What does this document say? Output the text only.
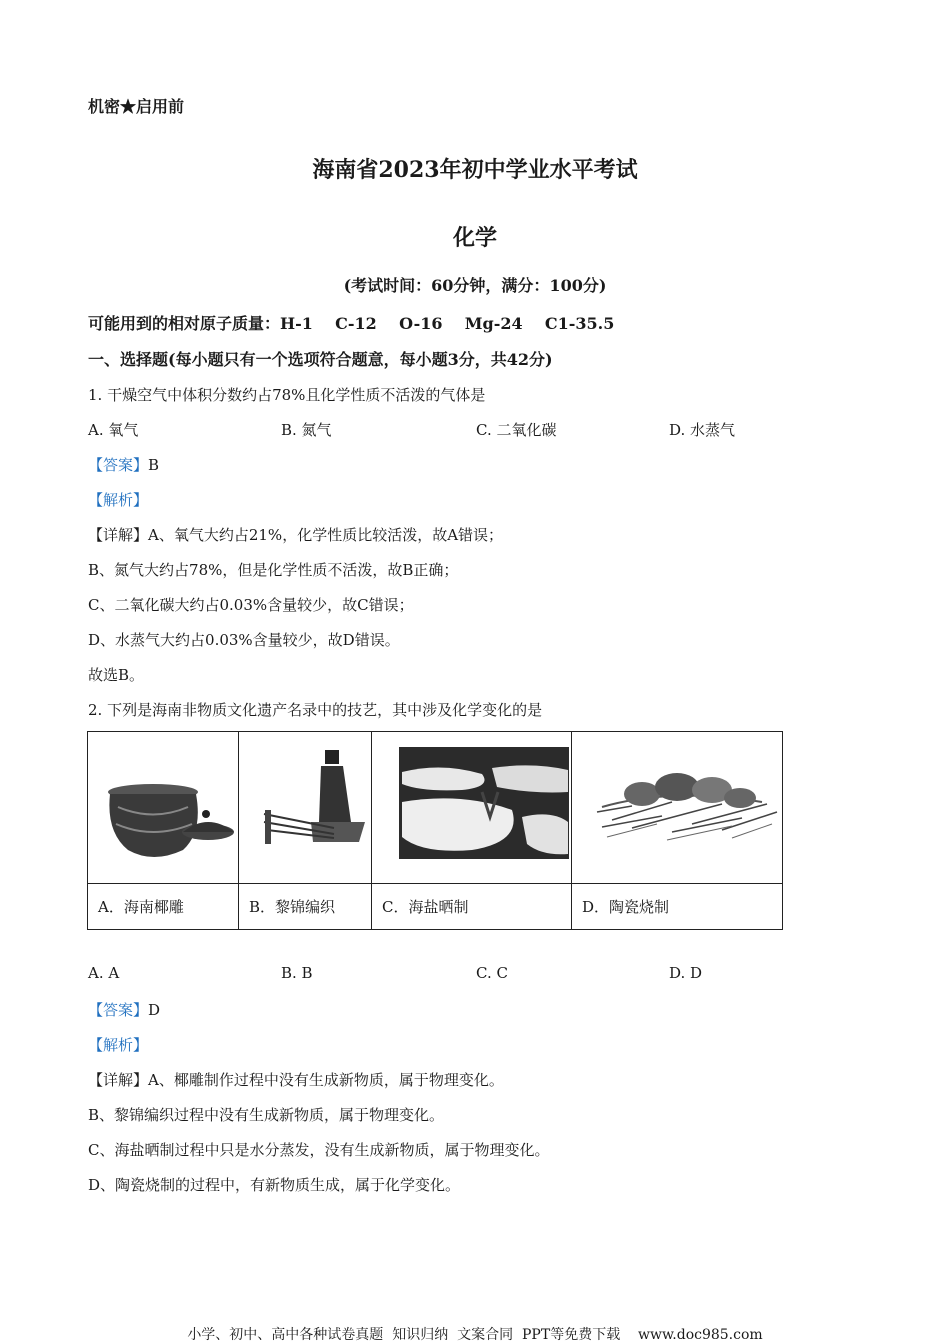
机密★启用前
海南省2023年初中学业水平考试
化学
(考试时间：60分钟，满分：100分)
可能用到的相对原子质量：H-1    C-12    O-16    Mg-24    C1-35.5
一、选择题(每小题只有一个选项符合题意，每小题3分，共42分)
1. 干燥空气中体积分数约占78%且化学性质不活泼的气体是
A. 氧气	B. 氮气	C. 二氧化碳	D. 水蒸气
【答案】B
【解析】
【详解】A、氧气大约占21%，化学性质比较活泼，故A错误；
B、氮气大约占78%，但是化学性质不活泼，故B正确；
C、二氧化碳大约占0.03%含量较少，故C错误；
D、水蒸气大约占0.03%含量较少，故D错误。
故选B。
2. 下列是海南非物质文化遗产名录中的技艺，其中涉及化学变化的是

A．海南椰雕	B．黎锦编织	C．海盐晒制	D．陶瓷烧制
A. A	B. B	C. C	D. D
【答案】D
【解析】
【详解】A、椰雕制作过程中没有生成新物质，属于物理变化。
B、黎锦编织过程中没有生成新物质，属于物理变化。
C、海盐晒制过程中只是水分蒸发，没有生成新物质，属于物理变化。
D、陶瓷烧制的过程中，有新物质生成，属于化学变化。
小学、初中、高中各种试卷真题  知识归纳  文案合同  PPT等免费下载    www.doc985.com
